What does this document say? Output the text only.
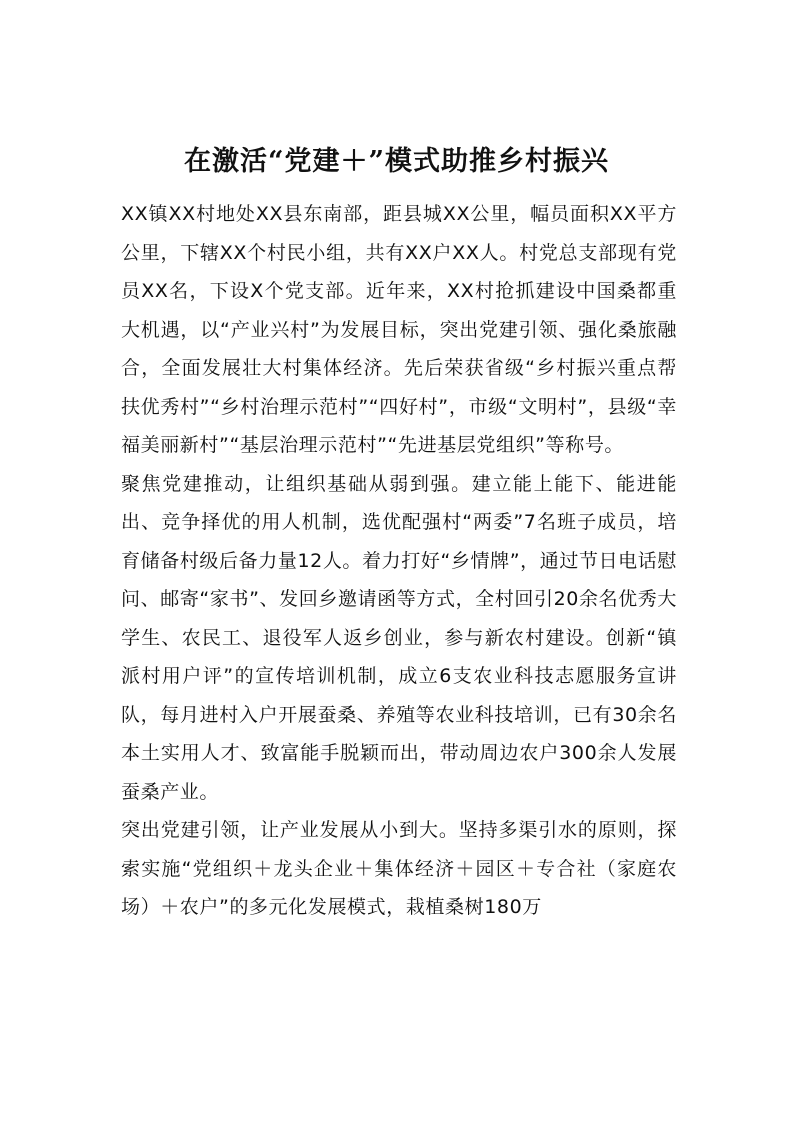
在激活“党建＋”模式助推乡村振兴

XX镇XX村地处XX县东南部，距县城XX公里，幅员面积XX平方公里，下辖XX个村民小组，共有XX户XX人。村党总支部现有党员XX名，下设X个党支部。近年来，XX村抢抓建设中国桑都重大机遇，以“产业兴村”为发展目标，突出党建引领、强化桑旅融合，全面发展壮大村集体经济。先后荣获省级“乡村振兴重点帮扶优秀村”“乡村治理示范村”“四好村”，市级“文明村”，县级“幸福美丽新村”“基层治理示范村”“先进基层党组织”等称号。

聚焦党建推动，让组织基础从弱到强。建立能上能下、能进能出、竞争择优的用人机制，选优配强村“两委”7名班子成员，培育储备村级后备力量12人。着力打好“乡情牌”，通过节日电话慰问、邮寄“家书”、发回乡邀请函等方式，全村回引20余名优秀大学生、农民工、退役军人返乡创业，参与新农村建设。创新“镇派村用户评”的宣传培训机制，成立6支农业科技志愿服务宣讲队，每月进村入户开展蚕桑、养殖等农业科技培训，已有30余名本土实用人才、致富能手脱颖而出，带动周边农户300余人发展蚕桑产业。

突出党建引领，让产业发展从小到大。坚持多渠引水的原则，探索实施“党组织＋龙头企业＋集体经济＋园区＋专合社（家庭农场）＋农户”的多元化发展模式，栽植桑树180万
